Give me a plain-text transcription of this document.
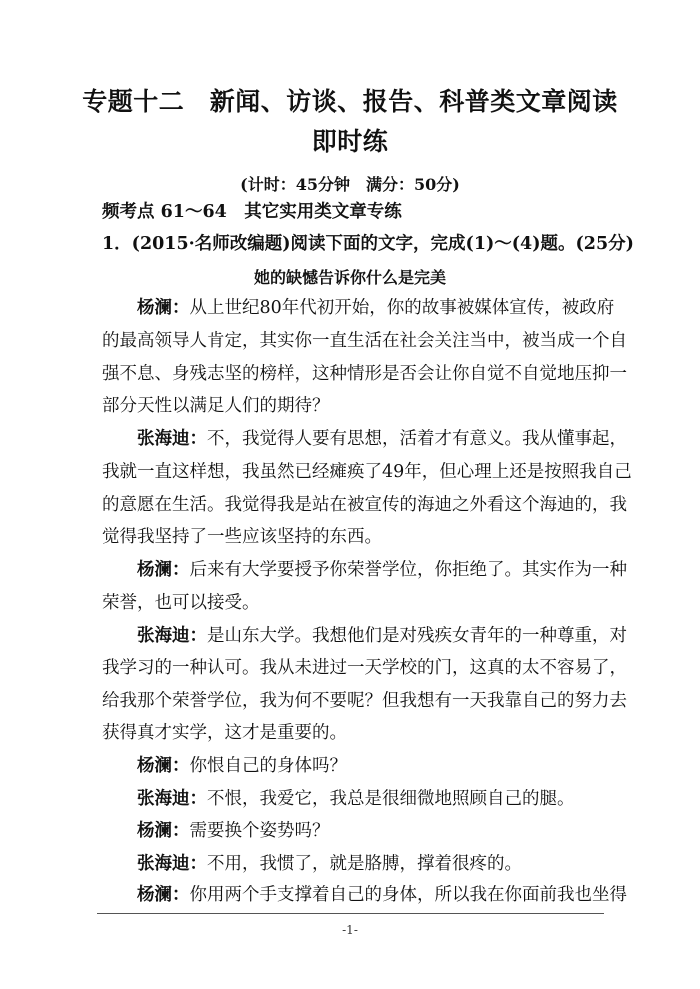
专题十二　新闻、访谈、报告、科普类文章阅读
即时练
(计时：45分钟　满分：50分)
频考点 61～64　其它实用类文章专练
1．(2015·名师改编题)阅读下面的文字，完成(1)～(4)题。(25分)
她的缺憾告诉你什么是完美
杨澜：从上世纪80年代初开始，你的故事被媒体宣传，被政府
的最高领导人肯定，其实你一直生活在社会关注当中，被当成一个自
强不息、身残志坚的榜样，这种情形是否会让你自觉不自觉地压抑一
部分天性以满足人们的期待？
张海迪：不，我觉得人要有思想，活着才有意义。我从懂事起，
我就一直这样想，我虽然已经瘫痪了49年，但心理上还是按照我自己
的意愿在生活。我觉得我是站在被宣传的海迪之外看这个海迪的，我
觉得我坚持了一些应该坚持的东西。
杨澜：后来有大学要授予你荣誉学位，你拒绝了。其实作为一种
荣誉，也可以接受。
张海迪：是山东大学。我想他们是对残疾女青年的一种尊重，对
我学习的一种认可。我从未进过一天学校的门，这真的太不容易了，
给我那个荣誉学位，我为何不要呢？但我想有一天我靠自己的努力去
获得真才实学，这才是重要的。
杨澜：你恨自己的身体吗？
张海迪：不恨，我爱它，我总是很细微地照顾自己的腿。
杨澜：需要换个姿势吗？
张海迪：不用，我惯了，就是胳膊，撑着很疼的。
杨澜：你用两个手支撑着自己的身体，所以我在你面前我也坐得
-1-
